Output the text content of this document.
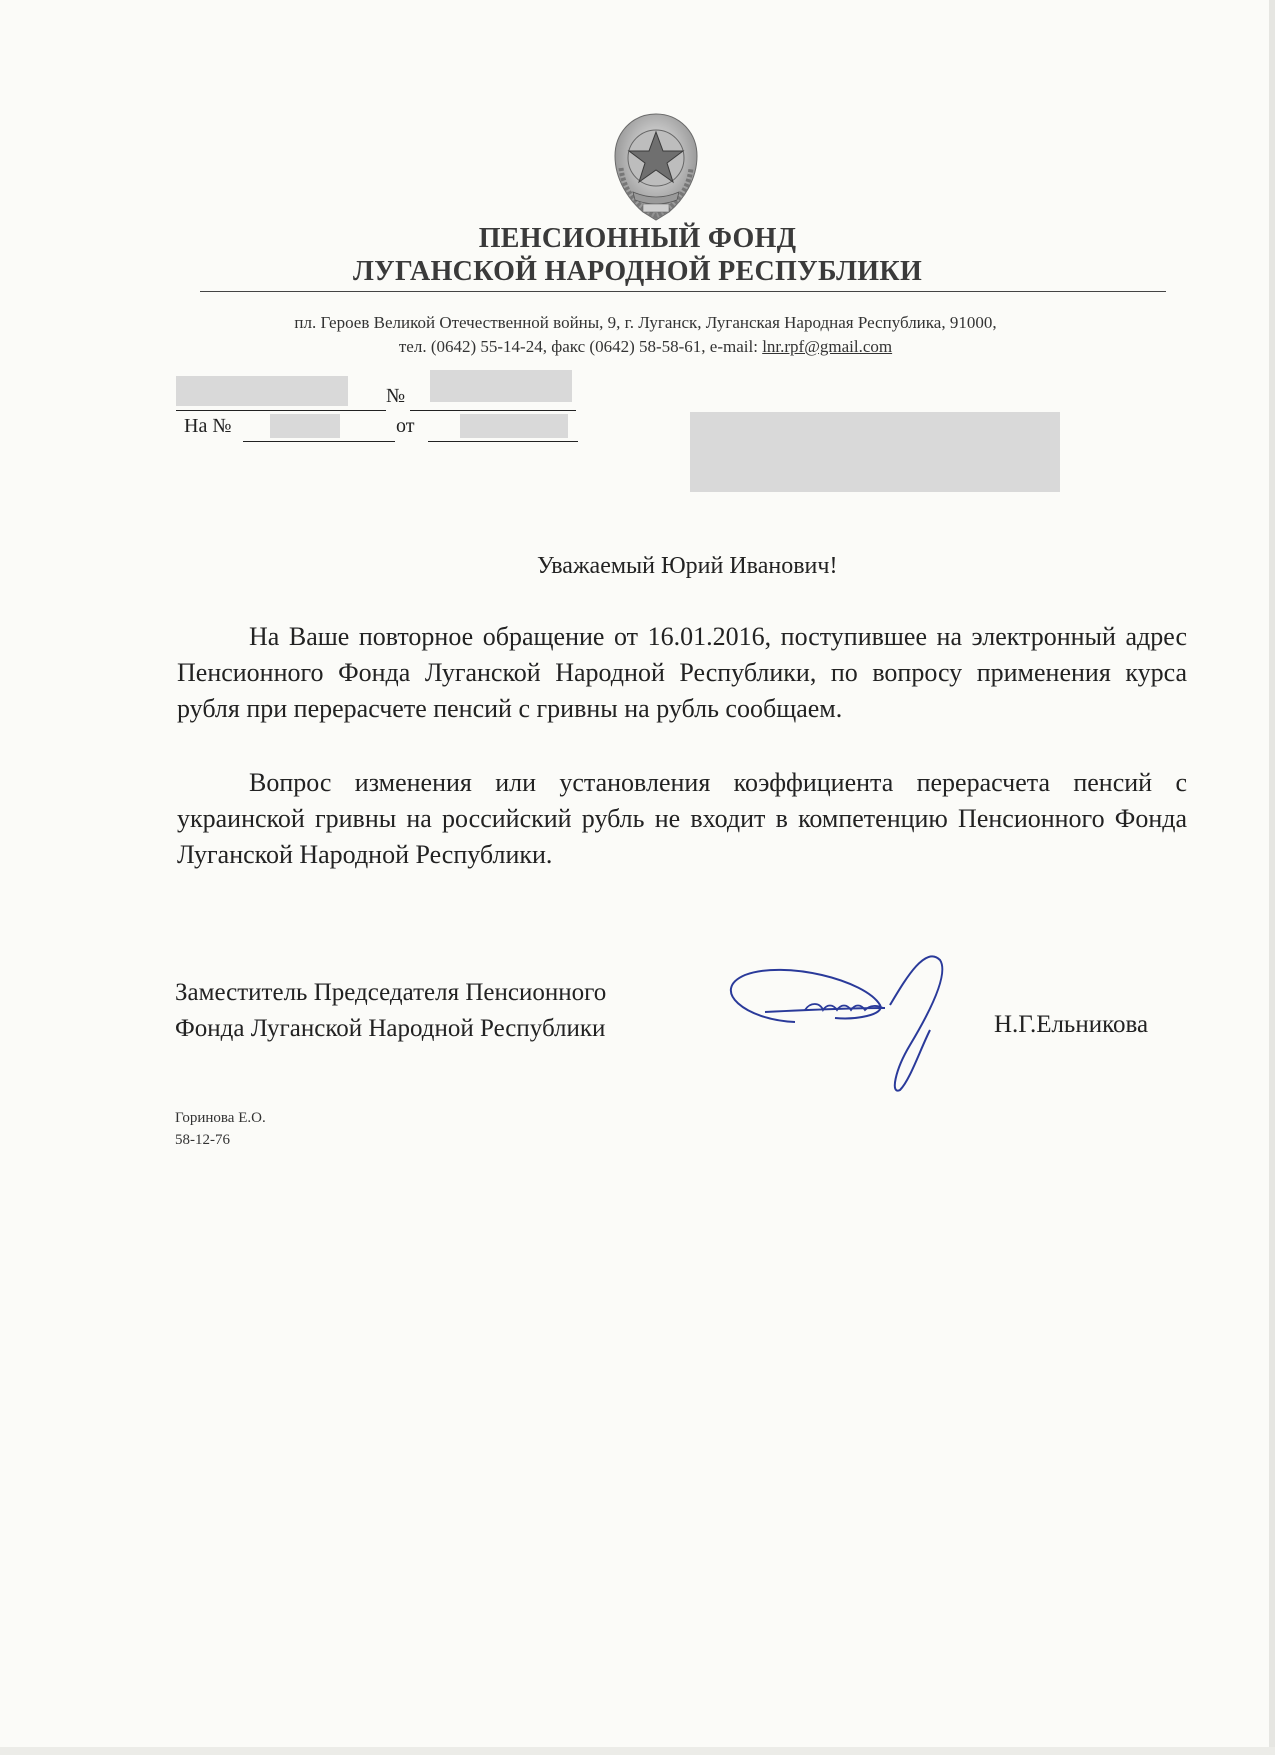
ПЕНСИОННЫЙ ФОНД
ЛУГАНСКОЙ НАРОДНОЙ РЕСПУБЛИКИ
пл. Героев Великой Отечественной войны, 9, г. Луганск, Луганская Народная Республика, 91000,
тел. (0642) 55-14-24, факс (0642) 58-58-61, e-mail: lnr.rpf@gmail.com
№
На №	от
Уважаемый Юрий Иванович!
На Ваше повторное обращение от 16.01.2016, поступившее на электронный адрес Пенсионного Фонда Луганской Народной Республики, по вопросу применения курса рубля при перерасчете пенсий с гривны на рубль сообщаем.
Вопрос изменения или установления коэффициента перерасчета пенсий с украинской гривны на российский рубль не входит в компетенцию Пенсионного Фонда Луганской Народной Республики.
Заместитель Председателя Пенсионного
Фонда Луганской Народной Республики	Н.Г.Ельникова
Горинова Е.О.
58-12-76
